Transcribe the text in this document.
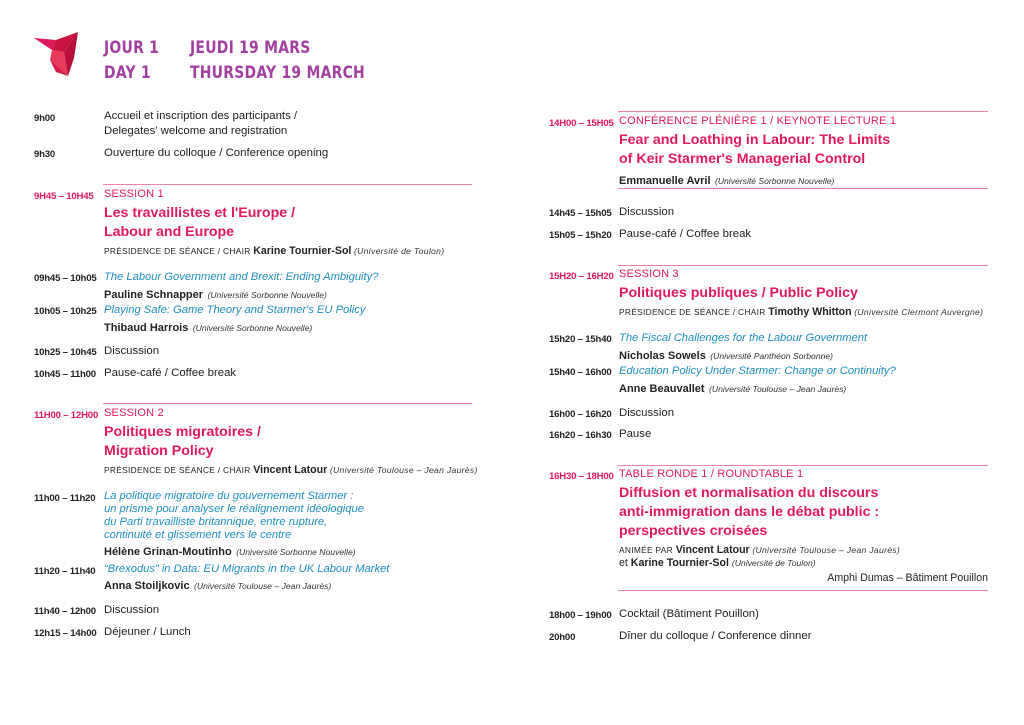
JOUR 1
DAY 1
JEUDI 19 MARS
THURSDAY 19 MARCH
9h00	Accueil et inscription des participants /
Delegates' welcome and registration
9h30	Ouverture du colloque / Conference opening
9H45 – 10H45 SESSION 1
Les travaillistes et l'Europe /
Labour and Europe
PRÉSIDENCE DE SÉANCE / CHAIR Karine Tournier-Sol (Université de Toulon)
09h45 – 10h05 The Labour Government and Brexit: Ending Ambiguity?
Pauline Schnapper (Université Sorbonne Nouvelle)
10h05 – 10h25 Playing Safe: Game Theory and Starmer's EU Policy
Thibaud Harrois (Université Sorbonne Nouvelle)
10h25 – 10h45 Discussion
10h45 – 11h00 Pause-café / Coffee break
11H00 – 12H00 SESSION 2
Politiques migratoires /
Migration Policy
PRÉSIDENCE DE SÉANCE / CHAIR Vincent Latour (Université Toulouse – Jean Jaurès)
11h00 – 11h20 La politique migratoire du gouvernement Starmer :
un prisme pour analyser le réalignement idéologique
du Parti travailliste britannique, entre rupture,
continuité et glissement vers le centre
Hélène Grinan-Moutinho (Université Sorbonne Nouvelle)
11h20 – 11h40 “Brexodus” in Data: EU Migrants in the UK Labour Market
Anna Stoiljkovic (Université Toulouse – Jean Jaurès)
11h40 – 12h00 Discussion
12h15 – 14h00 Déjeuner / Lunch
14H00 – 15H05 CONFÉRENCE PLÉNIÈRE 1 / KEYNOTE LECTURE 1
Fear and Loathing in Labour: The Limits
of Keir Starmer's Managerial Control
Emmanuelle Avril (Université Sorbonne Nouvelle)
14h45 – 15h05 Discussion
15h05 – 15h20 Pause-café / Coffee break
15H20 – 16H20 SESSION 3
Politiques publiques / Public Policy
PRÉSIDENCE DE SÉANCE / CHAIR Timothy Whitton (Université Clermont Auvergne)
15h20 – 15h40 The Fiscal Challenges for the Labour Government
Nicholas Sowels (Université Panthéon Sorbonne)
15h40 – 16h00 Education Policy Under Starmer: Change or Continuity?
Anne Beauvallet (Université Toulouse – Jean Jaurès)
16h00 – 16h20 Discussion
16h20 – 16h30 Pause
16H30 – 18H00 TABLE RONDE 1 / ROUNDTABLE 1
Diffusion et normalisation du discours
anti-immigration dans le débat public :
perspectives croisées
ANIMÉE PAR Vincent Latour (Université Toulouse – Jean Jaurès)
et Karine Tournier-Sol (Université de Toulon)
Amphi Dumas – Bâtiment Pouillon
18h00 – 19h00 Cocktail (Bâtiment Pouillon)
20h00	Dîner du colloque / Conference dinner
